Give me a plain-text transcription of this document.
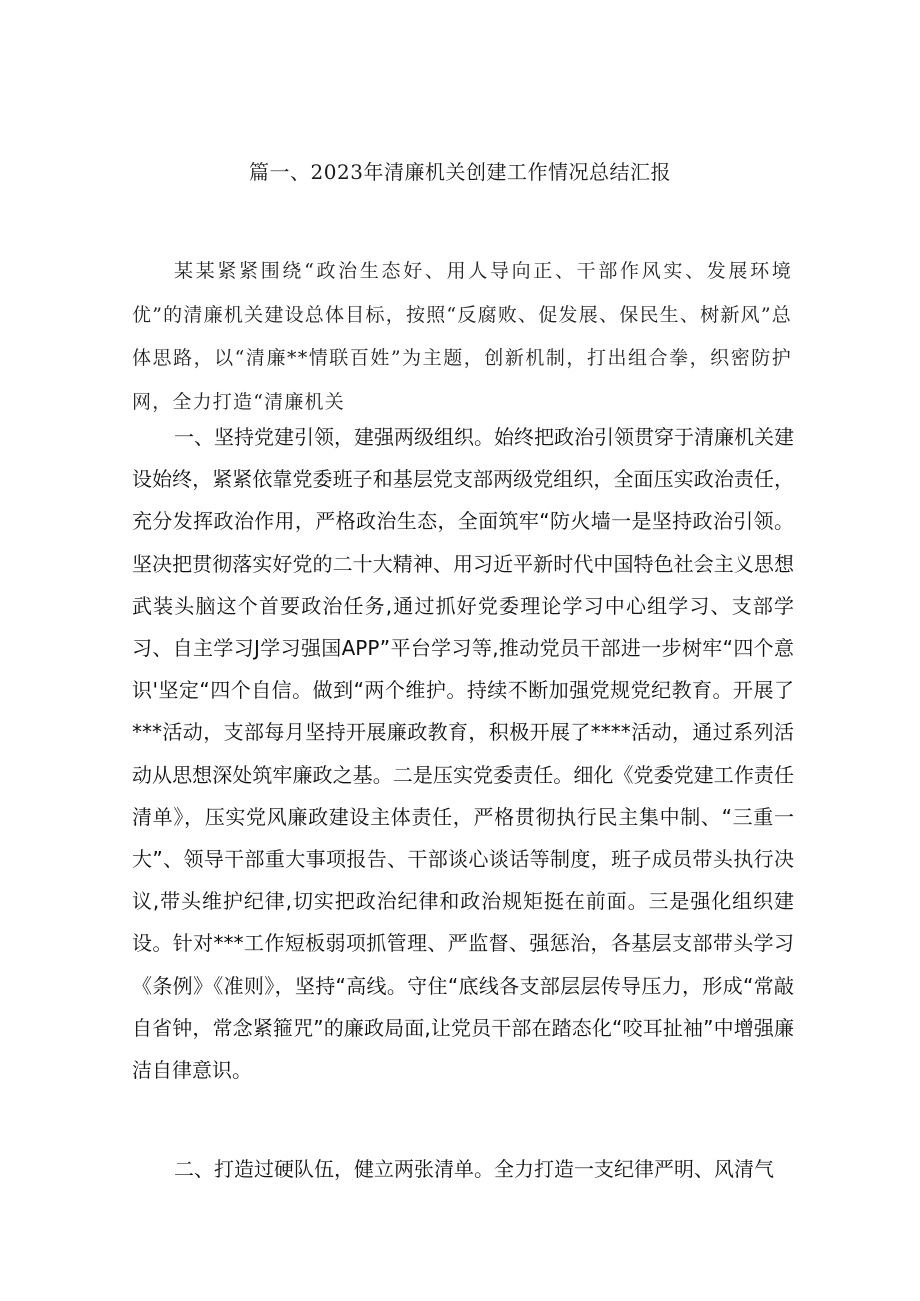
篇一、2023年清廉机关创建工作情况总结汇报

某某紧紧围绕“政治生态好、用人导向正、干部作风实、发展环境优”的清廉机关建设总体目标，按照“反腐败、促发展、保民生、树新风”总体思路，以“清廉**情联百姓”为主题，创新机制，打出组合拳，织密防护网，全力打造“清廉机关

一、坚持党建引领，建强两级组织。始终把政治引领贯穿于清廉机关建设始终，紧紧依靠党委班子和基层党支部两级党组织，全面压实政治责任，充分发挥政治作用，严格政治生态，全面筑牢“防火墙一是坚持政治引领。坚决把贯彻落实好党的二十大精神、用习近平新时代中国特色社会主义思想武装头脑这个首要政治任务,通过抓好党委理论学习中心组学习、支部学习、自主学习J学习强国APP”平台学习等,推动党员干部进一步树牢“四个意识'坚定“四个自信。做到“两个维护。持续不断加强党规党纪教育。开展了***活动，支部每月坚持开展廉政教育，积极开展了****活动，通过系列活动从思想深处筑牢廉政之基。二是压实党委责任。细化《党委党建工作责任清单》，压实党风廉政建设主体责任，严格贯彻执行民主集中制、“三重一大”、领导干部重大事项报告、干部谈心谈话等制度，班子成员带头执行决议,带头维护纪律,切实把政治纪律和政治规矩挺在前面。三是强化组织建设。针对***工作短板弱项抓管理、严监督、强惩治，各基层支部带头学习《条例》《准则》，坚持“高线。守住“底线各支部层层传导压力，形成“常敲自省钟，常念紧箍咒”的廉政局面,让党员干部在踏态化“咬耳扯袖”中增强廉洁自律意识。

二、打造过硬队伍，健立两张清单。全力打造一支纪律严明、风清气
